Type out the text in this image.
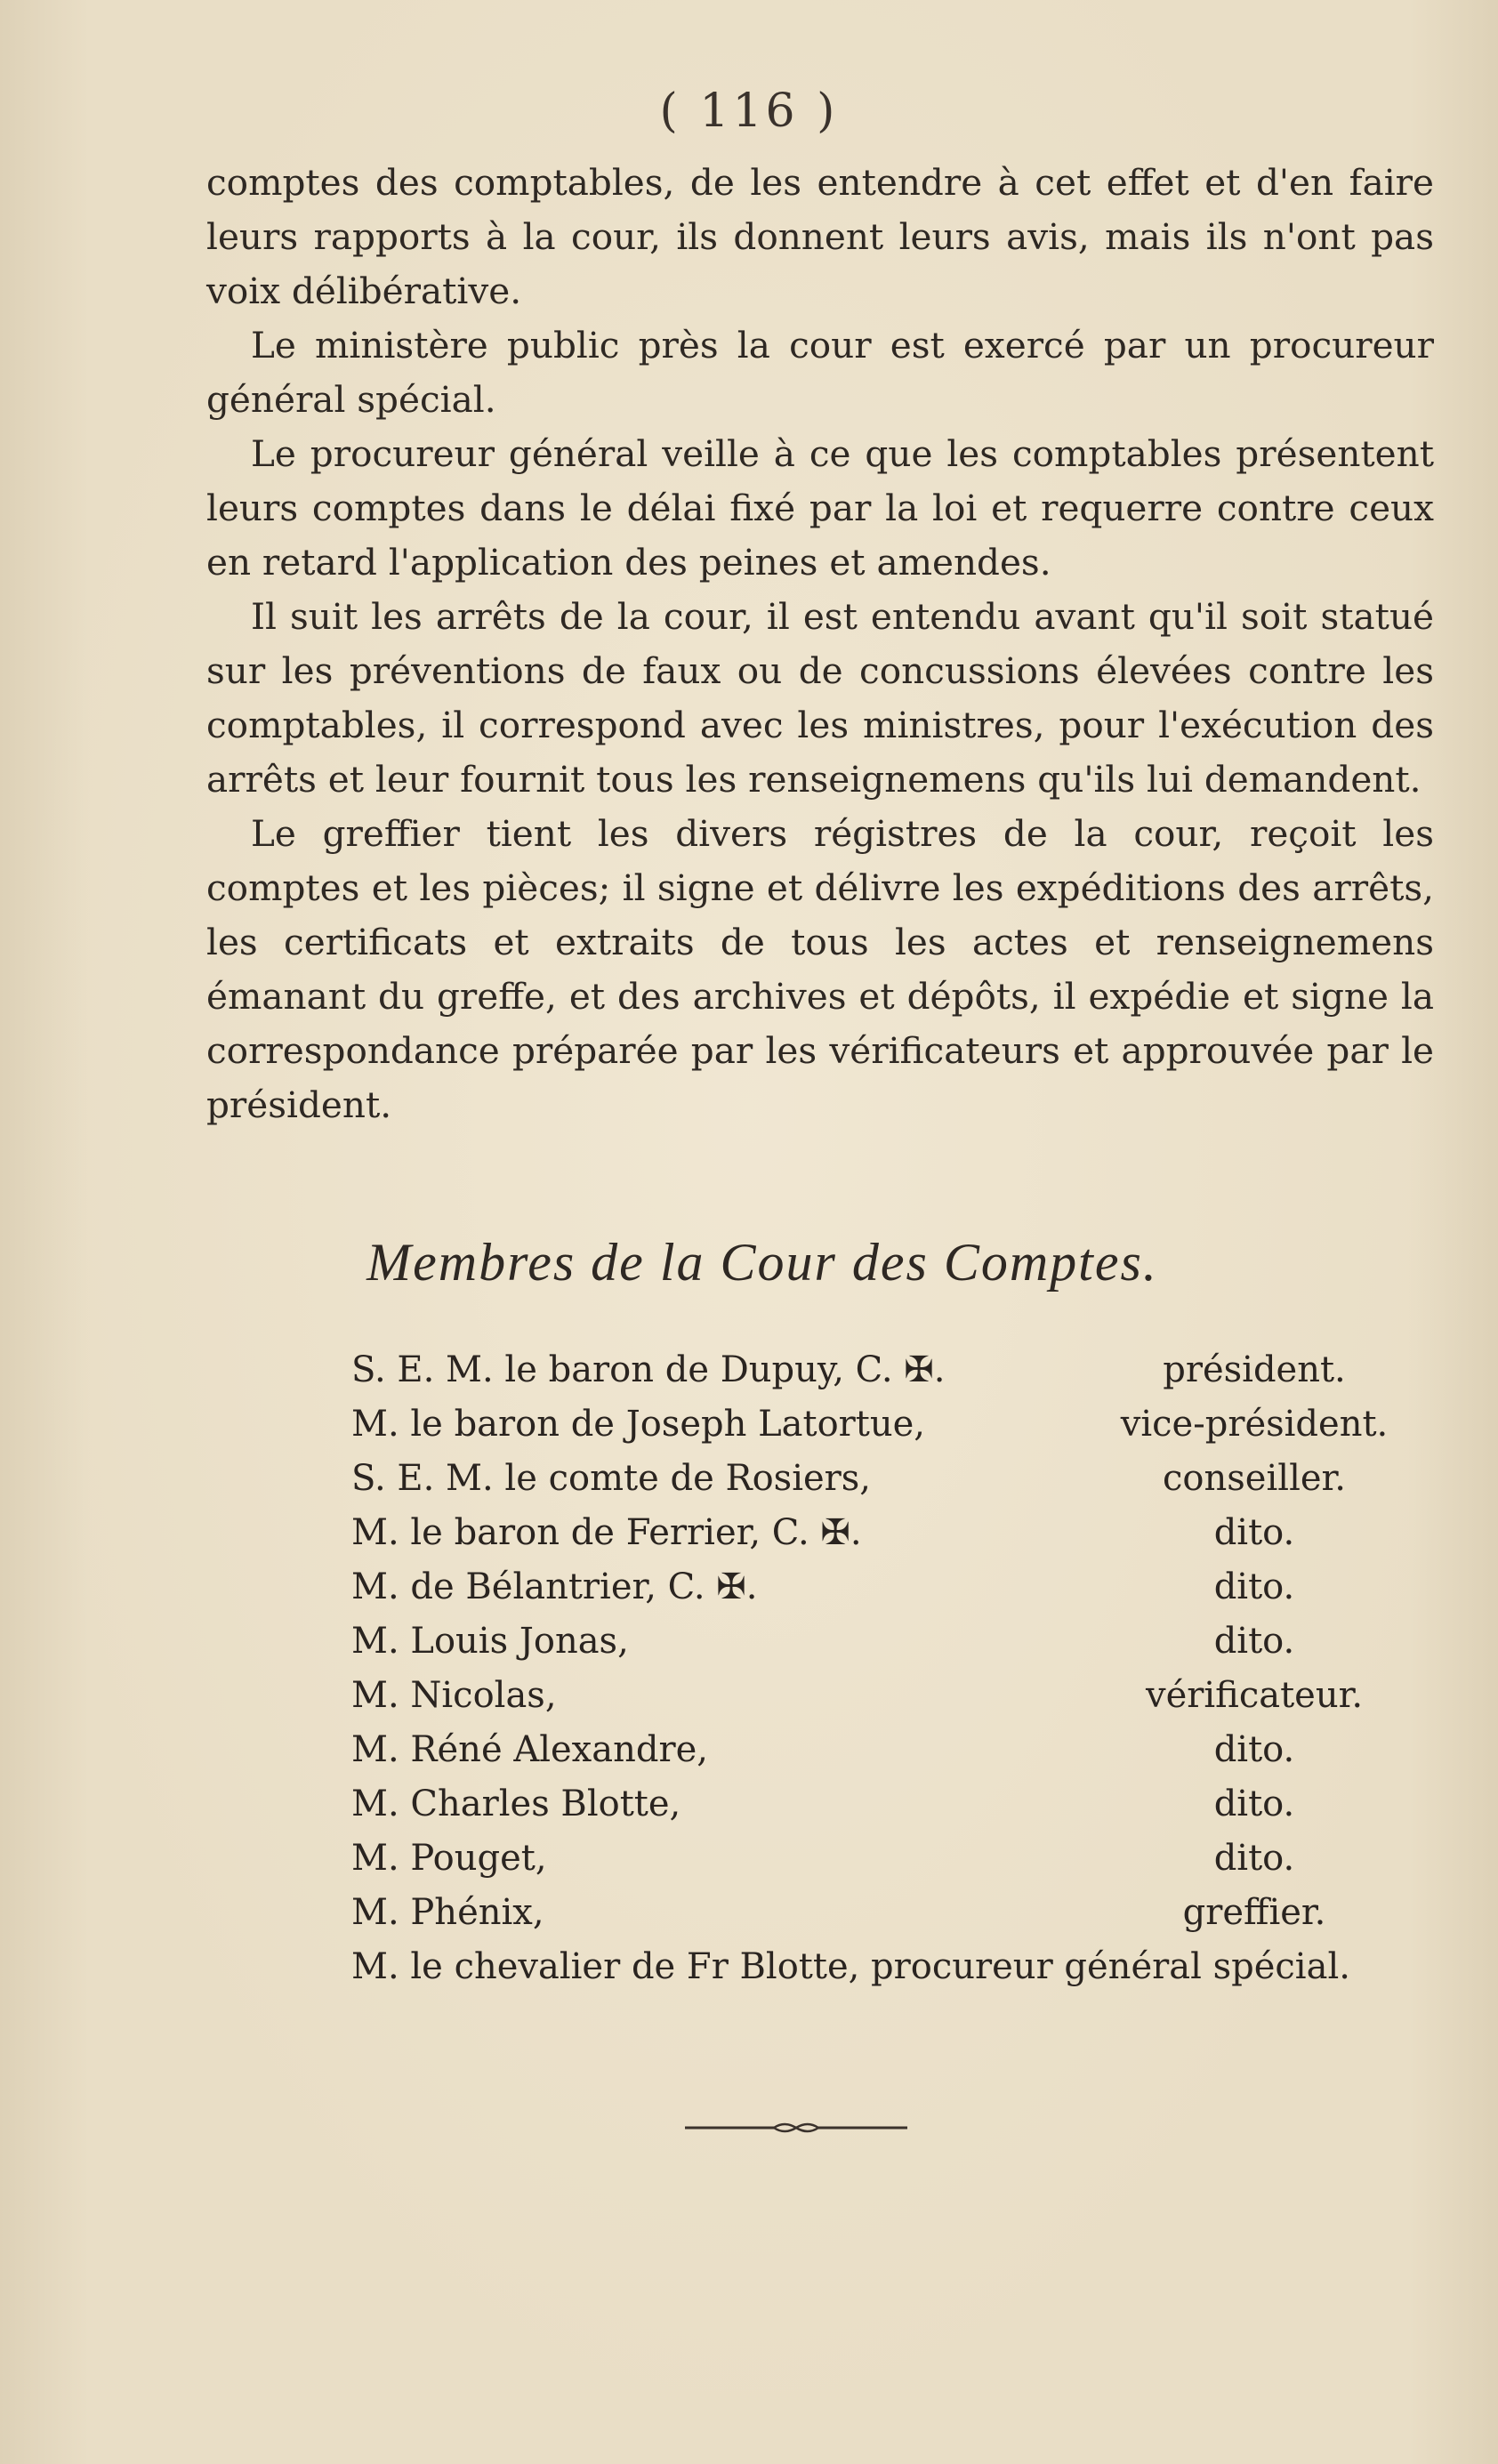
( 116 )

comptes des comptables, de les entendre à cet effet et d'en faire leurs rapports à la cour, ils donnent leurs avis, mais ils n'ont pas voix délibérative.

Le ministère public près la cour est exercé par un procureur général spécial.

Le procureur général veille à ce que les comptables présentent leurs comptes dans le délai fixé par la loi et requerre contre ceux en retard l'application des peines et amendes.

Il suit les arrêts de la cour, il est entendu avant qu'il soit statué sur les préventions de faux ou de concussions élevées contre les comptables, il correspond avec les ministres, pour l'exécution des arrêts et leur fournit tous les renseignemens qu'ils lui demandent.

Le greffier tient les divers régistres de la cour, reçoit les comptes et les pièces; il signe et délivre les expéditions des arrêts, les certificats et extraits de tous les actes et renseignemens émanant du greffe, et des archives et dépôts, il expédie et signe la correspondance préparée par les vérificateurs et approuvée par le président.

Membres de la Cour des Comptes.
S. E. M. le baron de Dupuy, C. ✠.	président.
M. le baron de Joseph Latortue,	vice-président.
S. E. M. le comte de Rosiers,	conseiller.
M. le baron de Ferrier, C. ✠.	dito.
M. de Bélantrier, C. ✠.	dito.
M. Louis Jonas,	dito.
M. Nicolas,	vérificateur.
M. Réné Alexandre,	dito.
M. Charles Blotte,	dito.
M. Pouget,	dito.
M. Phénix,	greffier.
M. le chevalier de Fr Blotte, procureur général spécial.
